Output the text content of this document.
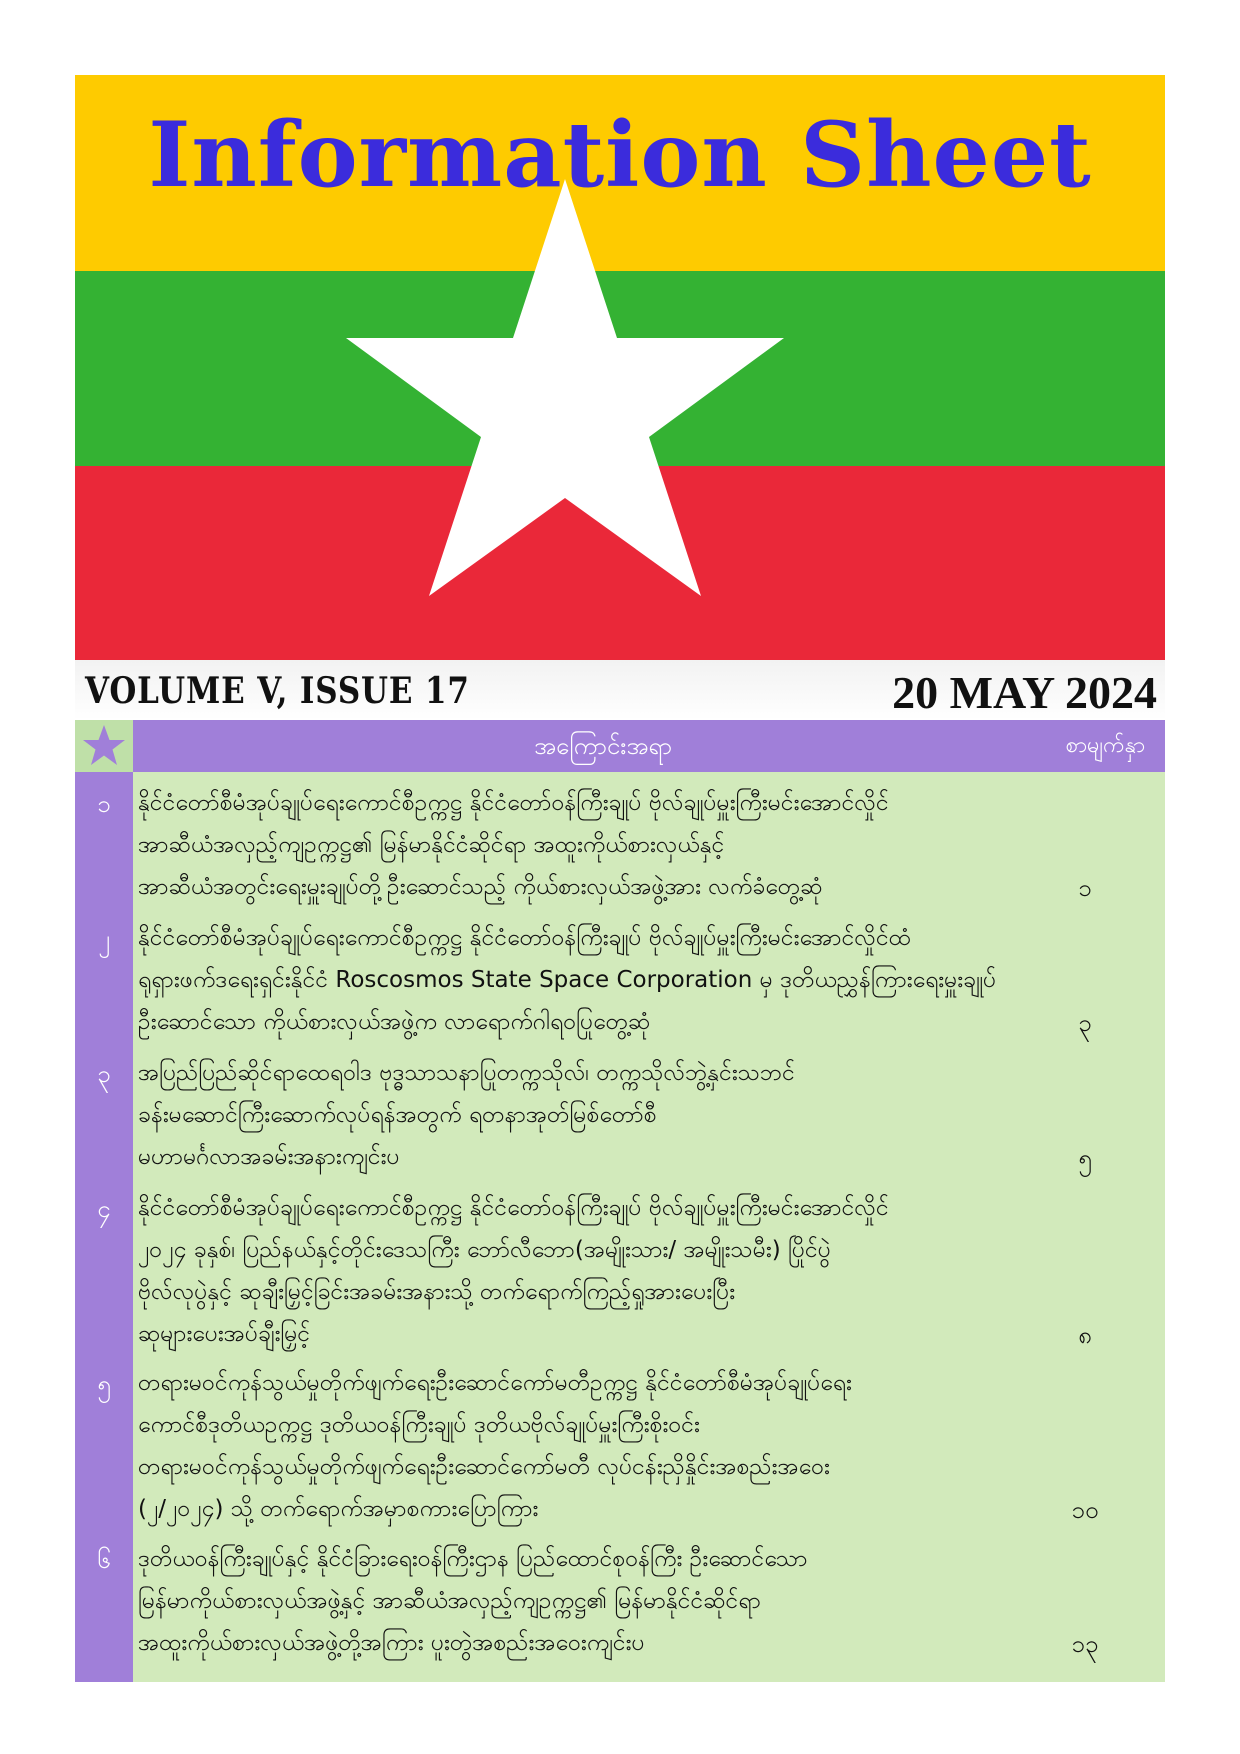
Information Sheet
VOLUME V, ISSUE 17	20 MAY 2024
အကြောင်းအရာ	စာမျက်နှာ
၁	နိုင်ငံတော်စီမံအုပ်ချုပ်ရေးကောင်စီဥက္ကဋ္ဌ နိုင်ငံတော်ဝန်ကြီးချုပ် ဗိုလ်ချုပ်မှူးကြီးမင်းအောင်လှိုင်
အာဆီယံအလှည့်ကျဥက္ကဋ္ဌ၏ မြန်မာနိုင်ငံဆိုင်ရာ အထူးကိုယ်စားလှယ်နှင့်
အာဆီယံအတွင်းရေးမှူးချုပ်တို့ဦးဆောင်သည့် ကိုယ်စားလှယ်အဖွဲ့အား လက်ခံတွေ့ဆုံ	၁
၂	နိုင်ငံတော်စီမံအုပ်ချုပ်ရေးကောင်စီဥက္ကဋ္ဌ နိုင်ငံတော်ဝန်ကြီးချုပ် ဗိုလ်ချုပ်မှူးကြီးမင်းအောင်လှိုင်ထံ
ရုရှားဖက်ဒရေးရှင်းနိုင်ငံ Roscosmos State Space Corporation မှ ဒုတိယညွှန်ကြားရေးမှူးချုပ်
ဦးဆောင်သော ကိုယ်စားလှယ်အဖွဲ့က လာရောက်ဂါရဝပြုတွေ့ဆုံ	၃
၃	အပြည်ပြည်ဆိုင်ရာထေရဝါဒ ဗုဒ္ဓသာသနာပြုတက္ကသိုလ်၊ တက္ကသိုလ်ဘွဲ့နှင်းသဘင်
ခန်းမဆောင်ကြီးဆောက်လုပ်ရန်အတွက် ရတနာအုတ်မြစ်တော်စီ
မဟာမင်္ဂလာအခမ်းအနားကျင်းပ	၅
၄	နိုင်ငံတော်စီမံအုပ်ချုပ်ရေးကောင်စီဥက္ကဋ္ဌ နိုင်ငံတော်ဝန်ကြီးချုပ် ဗိုလ်ချုပ်မှူးကြီးမင်းအောင်လှိုင်
၂၀၂၄ ခုနှစ်၊ ပြည်နယ်နှင့်တိုင်းဒေသကြီး ဘော်လီဘော(အမျိုးသား/ အမျိုးသမီး) ပြိုင်ပွဲ
ဗိုလ်လုပွဲနှင့် ဆုချီးမြှင့်ခြင်းအခမ်းအနားသို့ တက်ရောက်ကြည့်ရှုအားပေးပြီး
ဆုများပေးအပ်ချီးမြှင့်	၈
၅	တရားမဝင်ကုန်သွယ်မှုတိုက်ဖျက်ရေးဦးဆောင်ကော်မတီဥက္ကဋ္ဌ နိုင်ငံတော်စီမံအုပ်ချုပ်ရေး
ကောင်စီဒုတိယဥက္ကဋ္ဌ ဒုတိယဝန်ကြီးချုပ် ဒုတိယဗိုလ်ချုပ်မှူးကြီးစိုးဝင်း
တရားမဝင်ကုန်သွယ်မှုတိုက်ဖျက်ရေးဦးဆောင်ကော်မတီ လုပ်ငန်းညှိနှိုင်းအစည်းအဝေး
(၂/၂၀၂၄) သို့ တက်ရောက်အမှာစကားပြောကြား	၁၀
၆	ဒုတိယဝန်ကြီးချုပ်နှင့် နိုင်ငံခြားရေးဝန်ကြီးဌာန ပြည်ထောင်စုဝန်ကြီး ဦးဆောင်သော
မြန်မာကိုယ်စားလှယ်အဖွဲ့နှင့် အာဆီယံအလှည့်ကျဥက္ကဋ္ဌ၏ မြန်မာနိုင်ငံဆိုင်ရာ
အထူးကိုယ်စားလှယ်အဖွဲ့တို့အကြား ပူးတွဲအစည်းအဝေးကျင်းပ	၁၃
